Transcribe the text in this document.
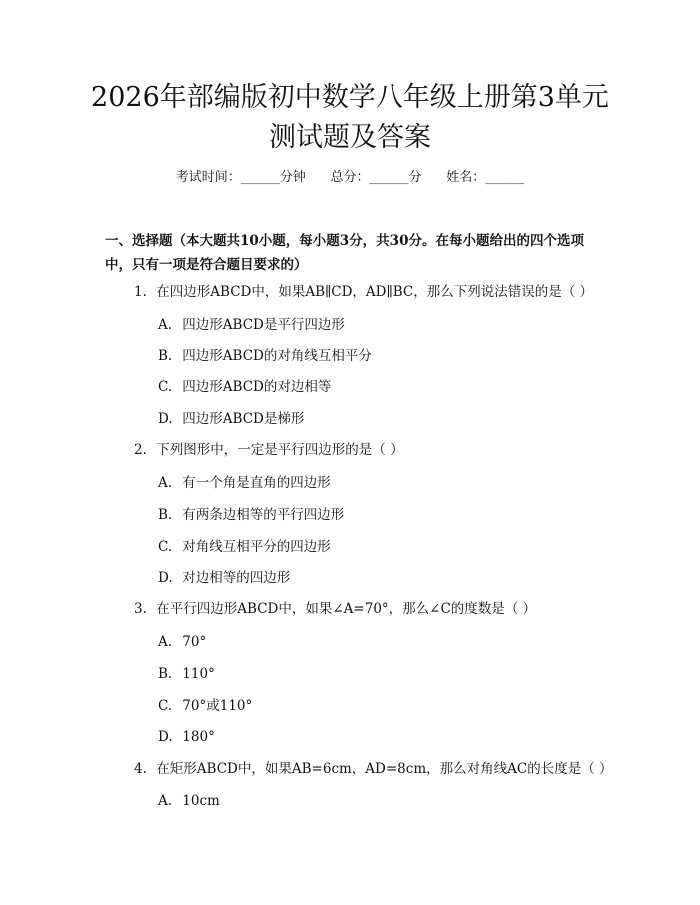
2026年部编版初中数学八年级上册第3单元
测试题及答案
考试时间：______分钟      总分：______分      姓名：______
一、选择题（本大题共10小题，每小题3分，共30分。在每小题给出的四个选项中，只有一项是符合题目要求的）
1. 在四边形ABCD中，如果AB∥CD，AD∥BC，那么下列说法错误的是（ ）
A. 四边形ABCD是平行四边形
B. 四边形ABCD的对角线互相平分
C. 四边形ABCD的对边相等
D. 四边形ABCD是梯形
2. 下列图形中，一定是平行四边形的是（ ）
A. 有一个角是直角的四边形
B. 有两条边相等的平行四边形
C. 对角线互相平分的四边形
D. 对边相等的四边形
3. 在平行四边形ABCD中，如果∠A=70°，那么∠C的度数是（ ）
A. 70°
B. 110°
C. 70°或110°
D. 180°
4. 在矩形ABCD中，如果AB=6cm，AD=8cm，那么对角线AC的长度是（ ）
A. 10cm
